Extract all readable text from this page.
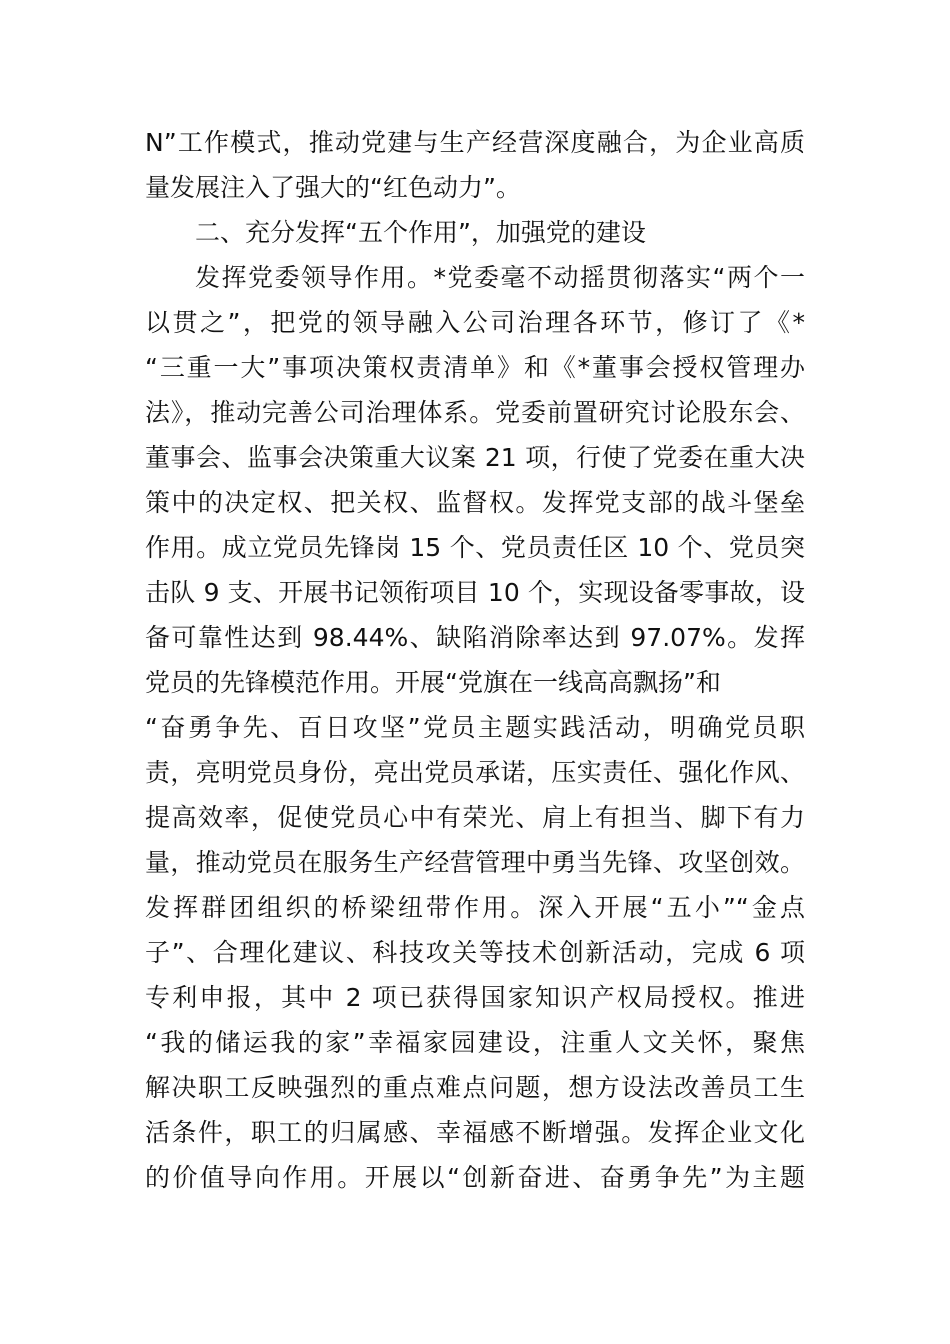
N”工作模式，推动党建与生产经营深度融合，为企业高质
量发展注入了强大的“红色动力”。
二、充分发挥“五个作用”，加强党的建设
发挥党委领导作用。*党委毫不动摇贯彻落实“两个一
以贯之”，把党的领导融入公司治理各环节，修订了《*
“三重一大”事项决策权责清单》和《*董事会授权管理办
法》，推动完善公司治理体系。党委前置研究讨论股东会、
董事会、监事会决策重大议案 21 项，行使了党委在重大决
策中的决定权、把关权、监督权。发挥党支部的战斗堡垒
作用。成立党员先锋岗 15 个、党员责任区 10 个、党员突
击队 9 支、开展书记领衔项目 10 个，实现设备零事故，设
备可靠性达到 98.44%、缺陷消除率达到 97.07%。发挥
党员的先锋模范作用。开展“党旗在一线高高飘扬”和
“奋勇争先、百日攻坚”党员主题实践活动，明确党员职
责，亮明党员身份，亮出党员承诺，压实责任、强化作风、
提高效率，促使党员心中有荣光、肩上有担当、脚下有力
量，推动党员在服务生产经营管理中勇当先锋、攻坚创效。
发挥群团组织的桥梁纽带作用。深入开展“五小”“金点
子”、合理化建议、科技攻关等技术创新活动，完成 6 项
专利申报，其中 2 项已获得国家知识产权局授权。推进
“我的储运我的家”幸福家园建设，注重人文关怀，聚焦
解决职工反映强烈的重点难点问题，想方设法改善员工生
活条件，职工的归属感、幸福感不断增强。发挥企业文化
的价值导向作用。开展以“创新奋进、奋勇争先”为主题
